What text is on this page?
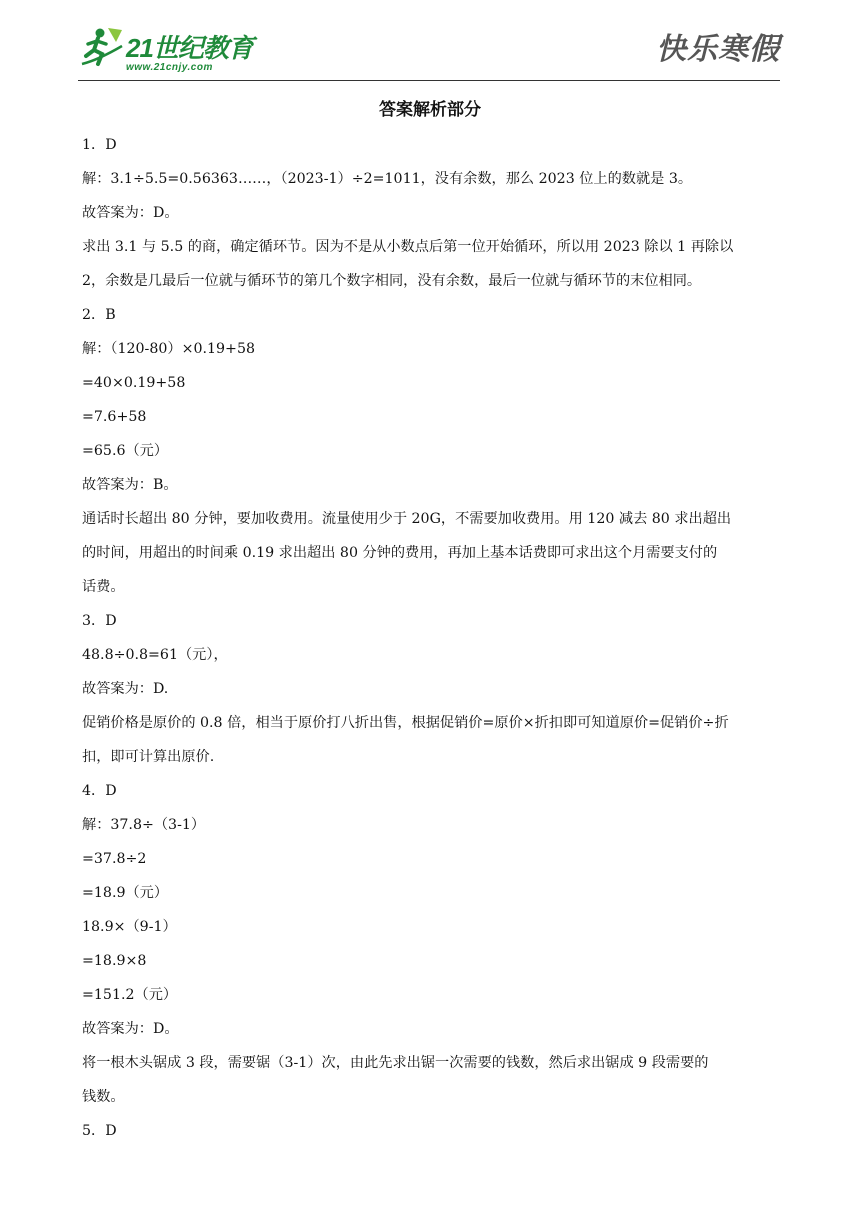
21世纪教育
www.21cnjy.com
快乐寒假
答案解析部分
1．D
解：3.1÷5.5=0.56363……，（2023-1）÷2=1011，没有余数，那么 2023 位上的数就是 3。
故答案为：D。
求出 3.1 与 5.5 的商，确定循环节。因为不是从小数点后第一位开始循环，所以用 2023 除以 1 再除以
2，余数是几最后一位就与循环节的第几个数字相同，没有余数，最后一位就与循环节的末位相同。
2．B
解：（120-80）×0.19+58
=40×0.19+58
=7.6+58
=65.6（元）
故答案为：B。
通话时长超出 80 分钟，要加收费用。流量使用少于 20G，不需要加收费用。用 120 减去 80 求出超出
的时间，用超出的时间乘 0.19 求出超出 80 分钟的费用，再加上基本话费即可求出这个月需要支付的
话费。
3．D
48.8÷0.8=61（元），
故答案为：D.
促销价格是原价的 0.8 倍，相当于原价打八折出售，根据促销价=原价×折扣即可知道原价=促销价÷折
扣，即可计算出原价.
4．D
解：37.8÷（3-1）
=37.8÷2
=18.9（元）
18.9×（9-1）
=18.9×8
=151.2（元）
故答案为：D。
将一根木头锯成 3 段，需要锯（3-1）次，由此先求出锯一次需要的钱数，然后求出锯成 9 段需要的
钱数。
5．D
